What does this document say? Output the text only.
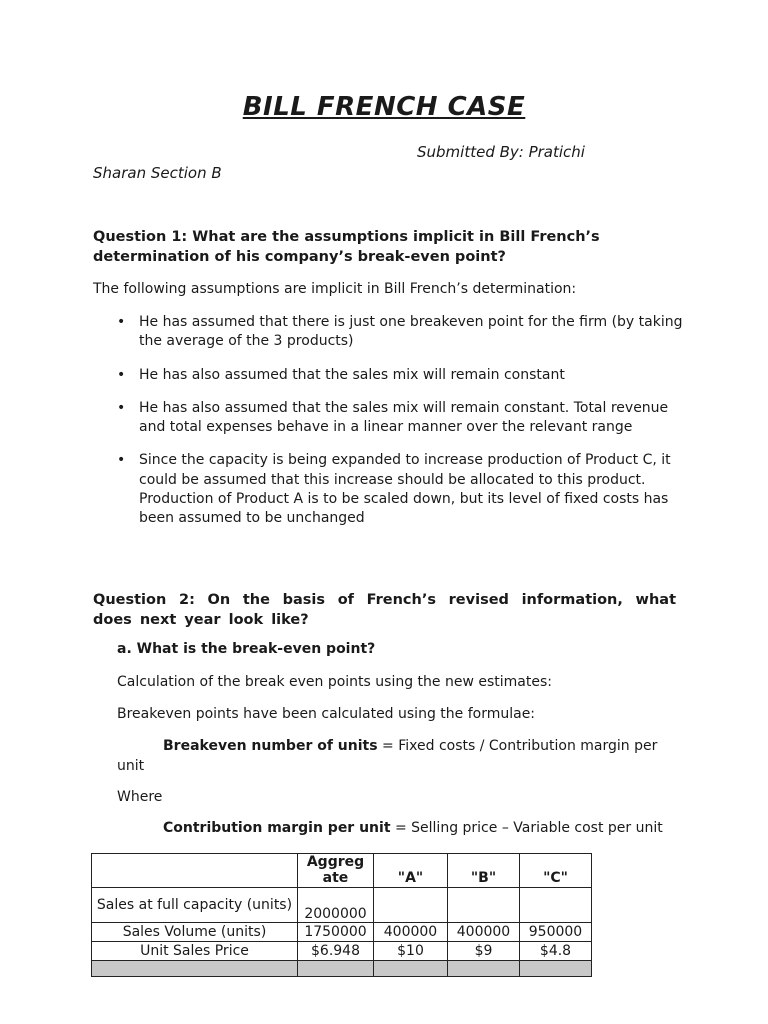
BILL FRENCH CASE
Submitted By: Pratichi
Sharan Section B
Question 1: What are the assumptions implicit in Bill French’s determination of his company’s break-even point?
The following assumptions are implicit in Bill French’s determination:
• He has assumed that there is just one breakeven point for the firm (by taking the average of the 3 products)
• He has also assumed that the sales mix will remain constant
• He has also assumed that the sales mix will remain constant. Total revenue and total expenses behave in a linear manner over the relevant range
• Since the capacity is being expanded to increase production of Product C, it could be assumed that this increase should be allocated to this product. Production of Product A is to be scaled down, but its level of fixed costs has been assumed to be unchanged
Question 2: On the basis of French’s revised information, what does next year look like?
a. What is the break-even point?
Calculation of the break even points using the new estimates:
Breakeven points have been calculated using the formulae:
Breakeven number of units = Fixed costs / Contribution margin per unit
Where
Contribution margin per unit = Selling price – Variable cost per unit
	Aggreg ate	"A"	"B"	"C"
Sales at full capacity (units)	2000000			
Sales Volume (units)	1750000	400000	400000	950000
Unit Sales Price	$6.948	$10	$9	$4.8
